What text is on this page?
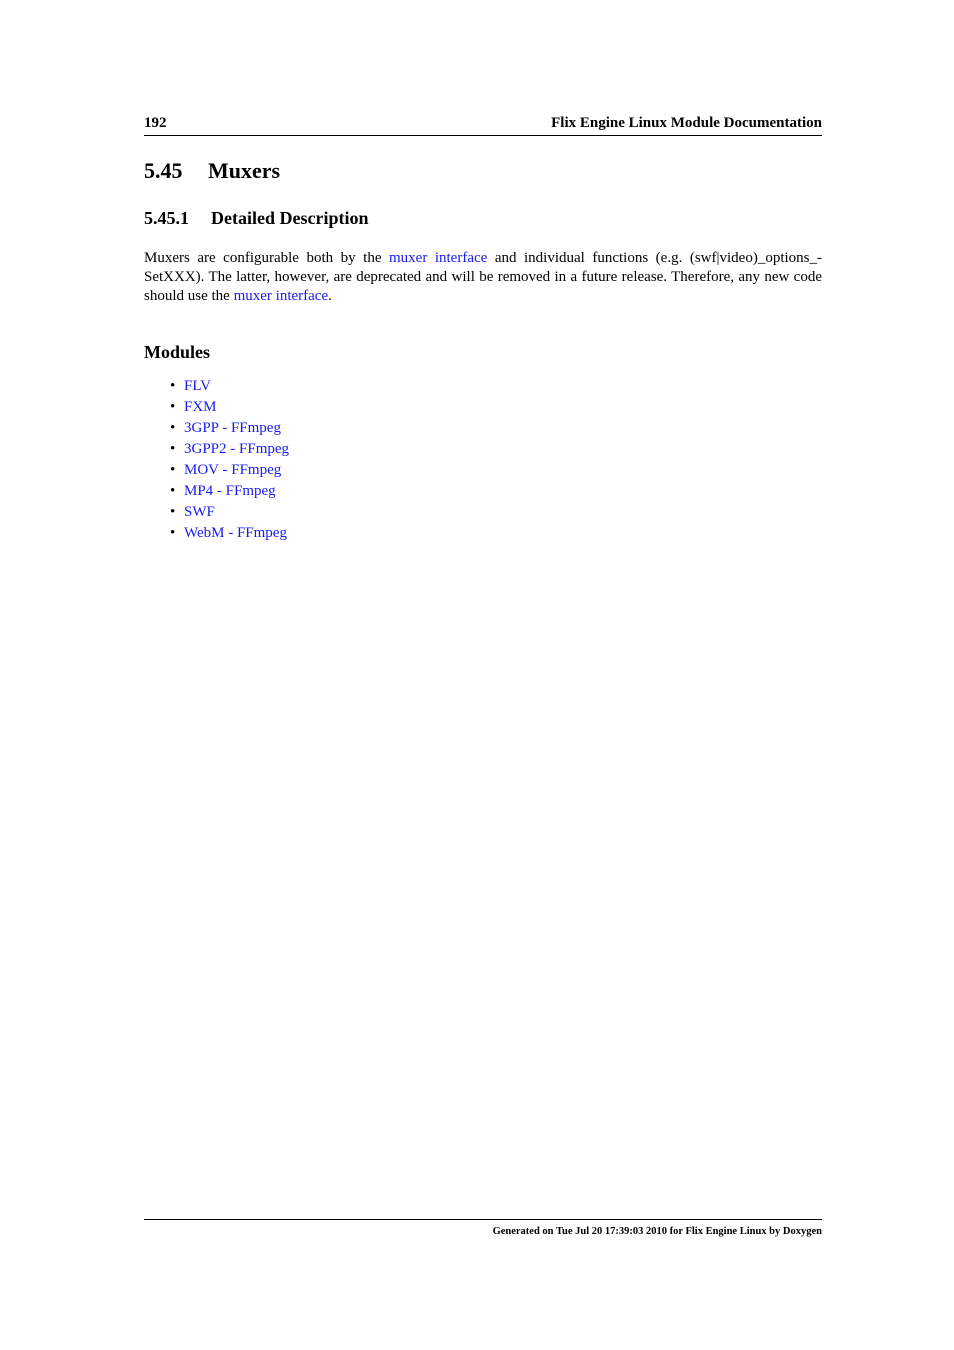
192	Flix Engine Linux Module Documentation
5.45 Muxers
5.45.1 Detailed Description

Muxers are configurable both by the muxer interface and individual functions (e.g. (swf|video)_options_-SetXXX). The latter, however, are deprecated and will be removed in a future release. Therefore, any new code should use the muxer interface.

Modules
• FLV
• FXM
• 3GPP - FFmpeg
• 3GPP2 - FFmpeg
• MOV - FFmpeg
• MP4 - FFmpeg
• SWF
• WebM - FFmpeg
Generated on Tue Jul 20 17:39:03 2010 for Flix Engine Linux by Doxygen
